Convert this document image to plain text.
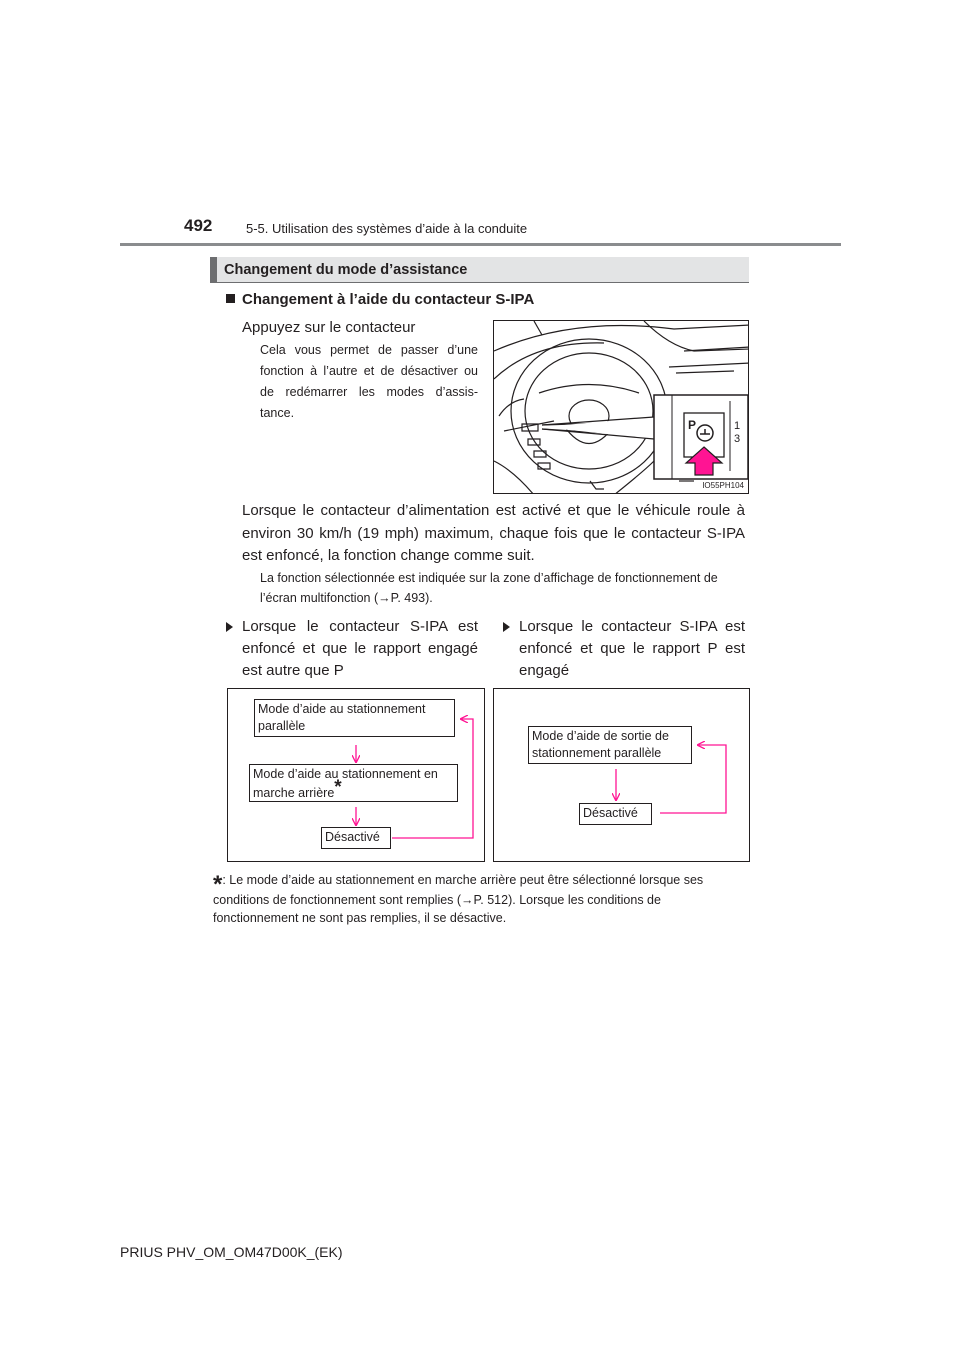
492	5-5. Utilisation des systèmes d’aide à la conduite
Changement du mode d’assistance
Changement à l’aide du contacteur S-IPA
Appuyez sur le contacteur
Cela vous permet de passer d’une fonction à l’autre et de désactiver ou de redémarrer les modes d’assis-tance.
P	1
3
IO55PH104
Lorsque le contacteur d’alimentation est activé et que le véhicule roule à environ 30 km/h (19 mph) maximum, chaque fois que le contacteur S-IPA est enfoncé, la fonction change comme suit.
La fonction sélectionnée est indiquée sur la zone d’affichage de fonctionnement de l’écran multifonction (→P. 493).
Lorsque le contacteur S-IPA est enfoncé et que le rapport engagé est autre que P
Lorsque le contacteur S-IPA est enfoncé et que le rapport P est engagé
Mode d’aide au stationnement parallèle
Mode d’aide au stationnement en marche arrière*
Désactivé
Mode d’aide de sortie de stationnement parallèle
Désactivé
*: Le mode d’aide au stationnement en marche arrière peut être sélectionné lorsque ses conditions de fonctionnement sont remplies (→P. 512). Lorsque les conditions de fonctionnement ne sont pas remplies, il se désactive.
PRIUS PHV_OM_OM47D00K_(EK)
